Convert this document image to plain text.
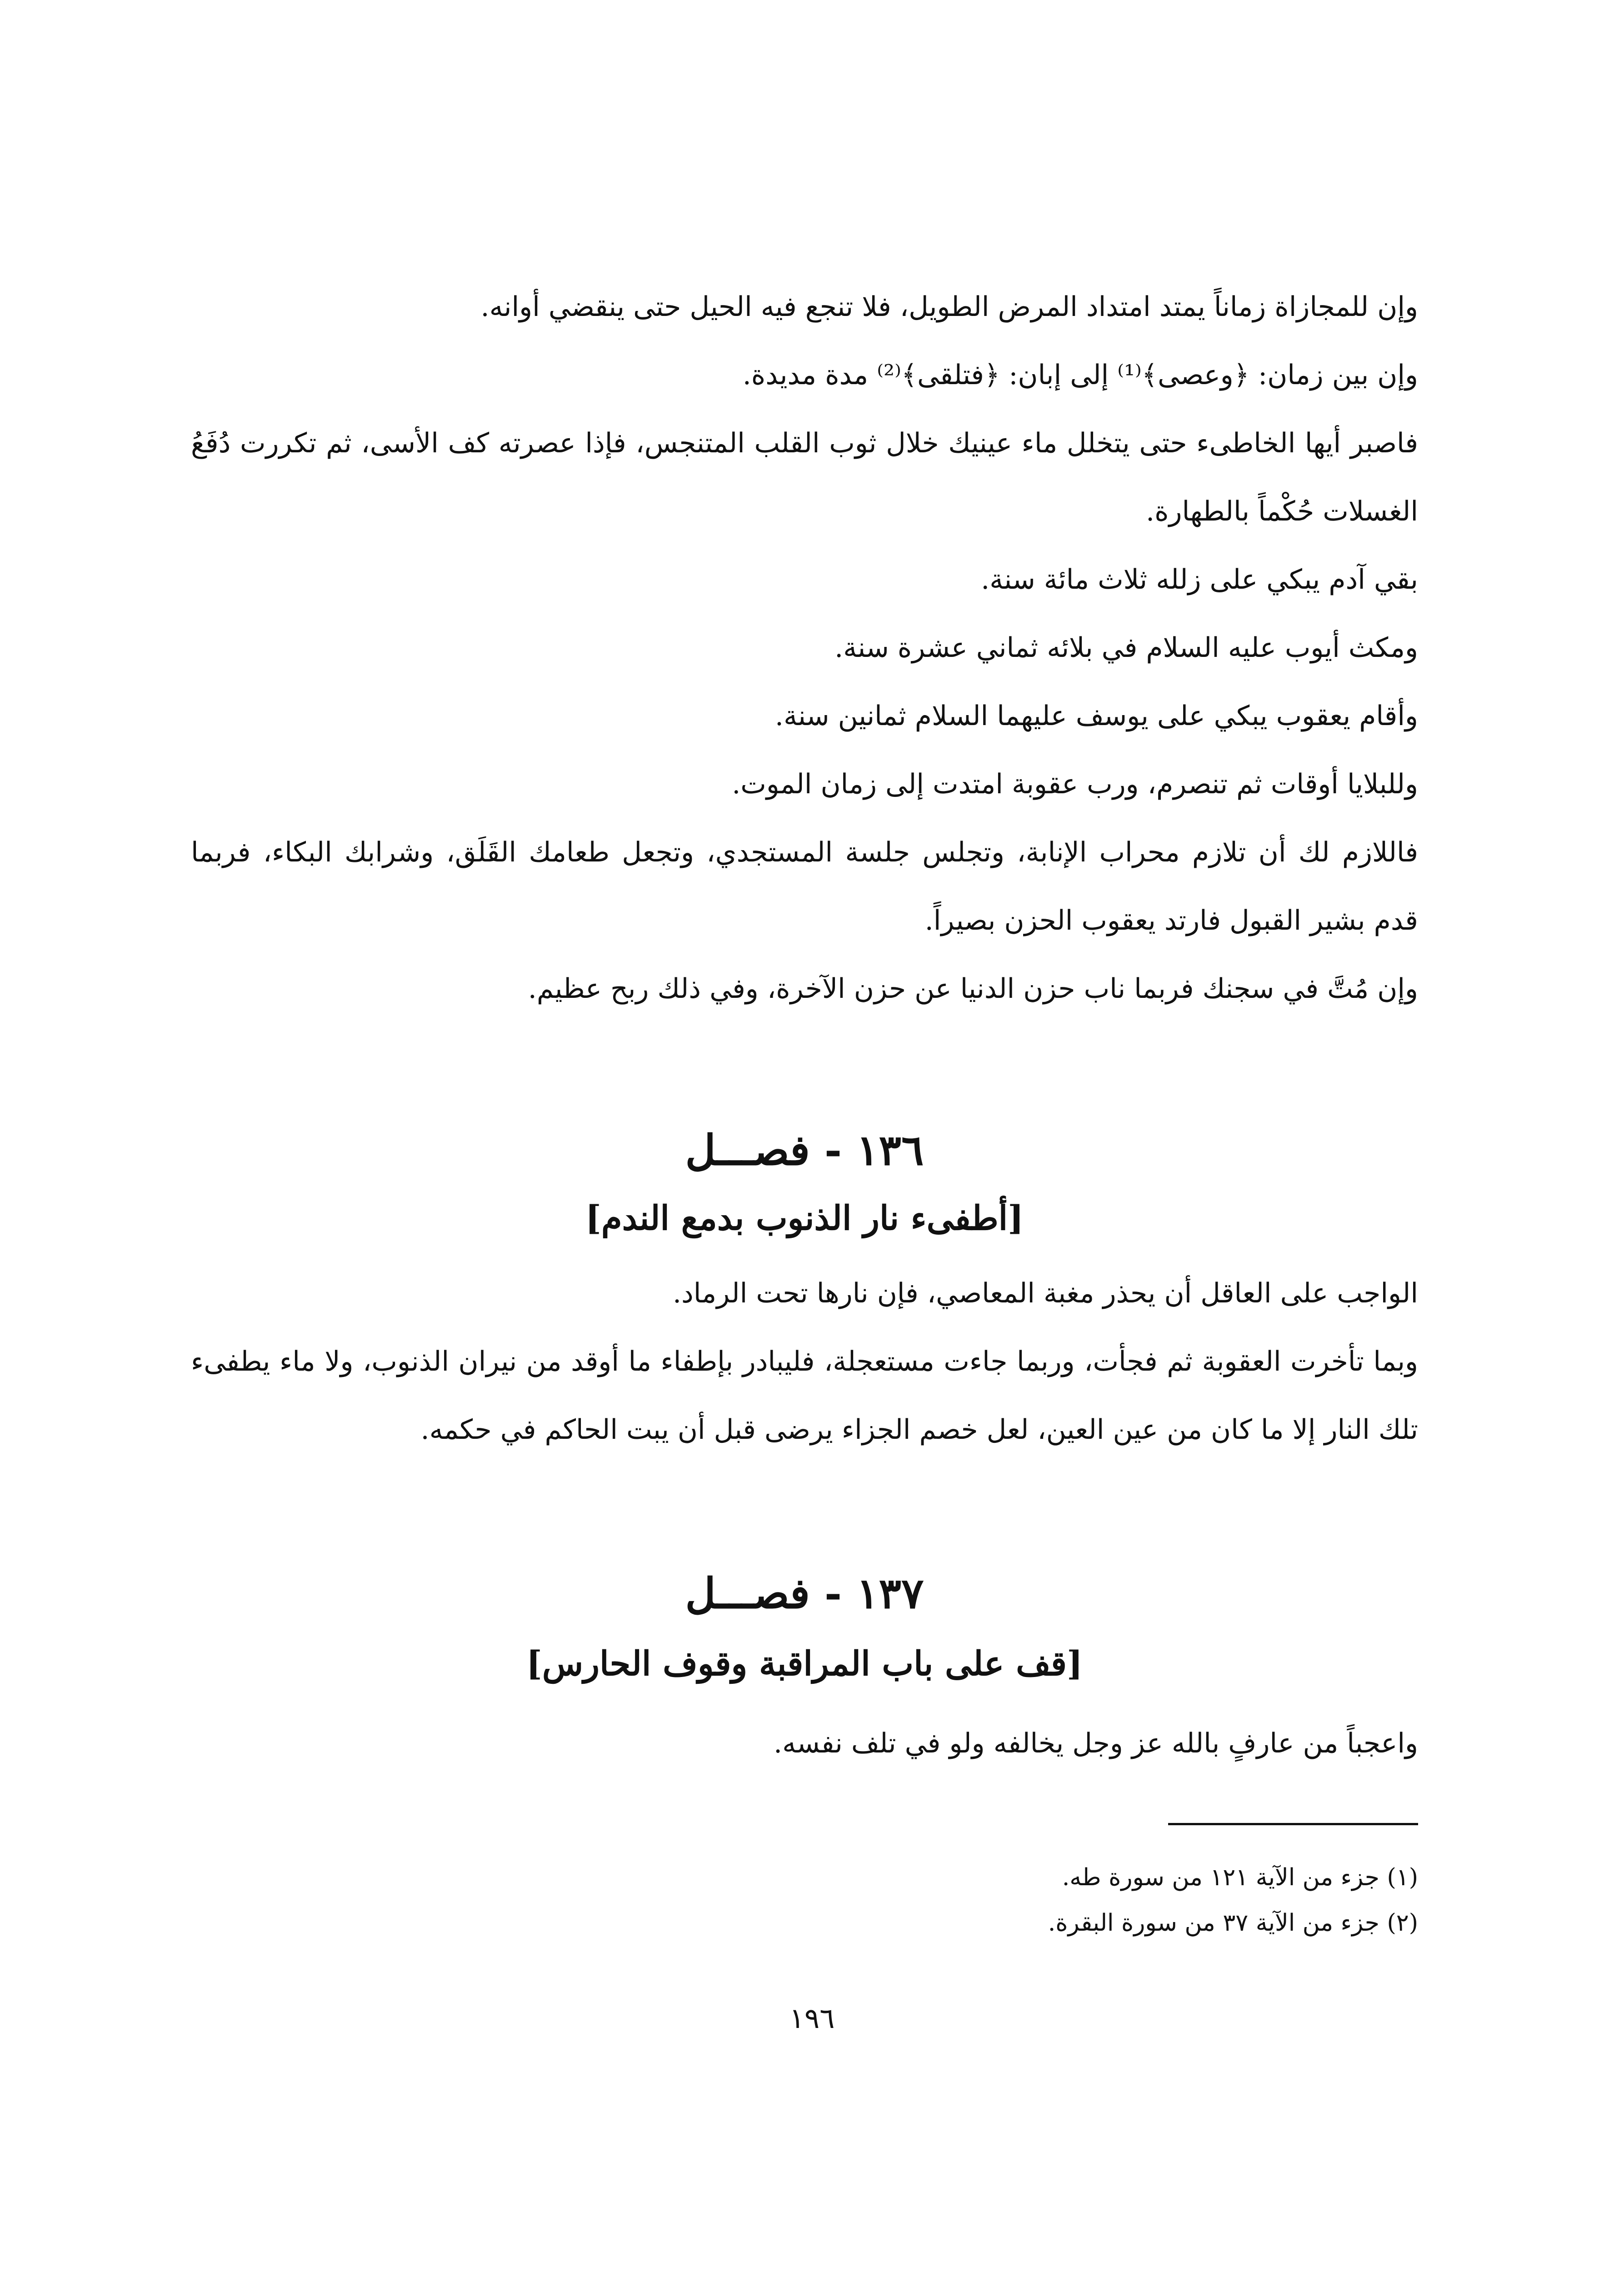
وإن للمجازاة زماناً يمتد امتداد المرض الطويل، فلا تنجع فيه الحيل حتى ينقضي أوانه.

وإن بين زمان: ﴿وعصى﴾⁽¹⁾ إلى إبان: ﴿فتلقى﴾⁽²⁾ مدة مديدة.

فاصبر أيها الخاطىء حتى يتخلل ماء عينيك خلال ثوب القلب المتنجس، فإذا عصرته كف الأسى، ثم تكررت دُفَعُ الغسلات حُكْماً بالطهارة.

بقي آدم يبكي على زلله ثلاث مائة سنة.

ومكث أيوب عليه السلام في بلائه ثماني عشرة سنة.

وأقام يعقوب يبكي على يوسف عليهما السلام ثمانين سنة.

وللبلايا أوقات ثم تنصرم، ورب عقوبة امتدت إلى زمان الموت.

فاللازم لك أن تلازم محراب الإنابة، وتجلس جلسة المستجدي، وتجعل طعامك القَلَق، وشرابك البكاء، فربما قدم بشير القبول فارتد يعقوب الحزن بصيراً.

وإن مُتَّ في سجنك فربما ناب حزن الدنيا عن حزن الآخرة، وفي ذلك ربح عظيم.

١٣٦ - فصـــل
[أطفىء نار الذنوب بدمع الندم]

الواجب على العاقل أن يحذر مغبة المعاصي، فإن نارها تحت الرماد.

وبما تأخرت العقوبة ثم فجأت، وربما جاءت مستعجلة، فليبادر بإطفاء ما أوقد من نيران الذنوب، ولا ماء يطفىء تلك النار إلا ما كان من عين العين، لعل خصم الجزاء يرضى قبل أن يبت الحاكم في حكمه.

١٣٧ - فصـــل
[قف على باب المراقبة وقوف الحارس]

واعجباً من عارفٍ بالله عز وجل يخالفه ولو في تلف نفسه.

(١) جزء من الآية ١٢١ من سورة طه.

(٢) جزء من الآية ٣٧ من سورة البقرة.

١٩٦
